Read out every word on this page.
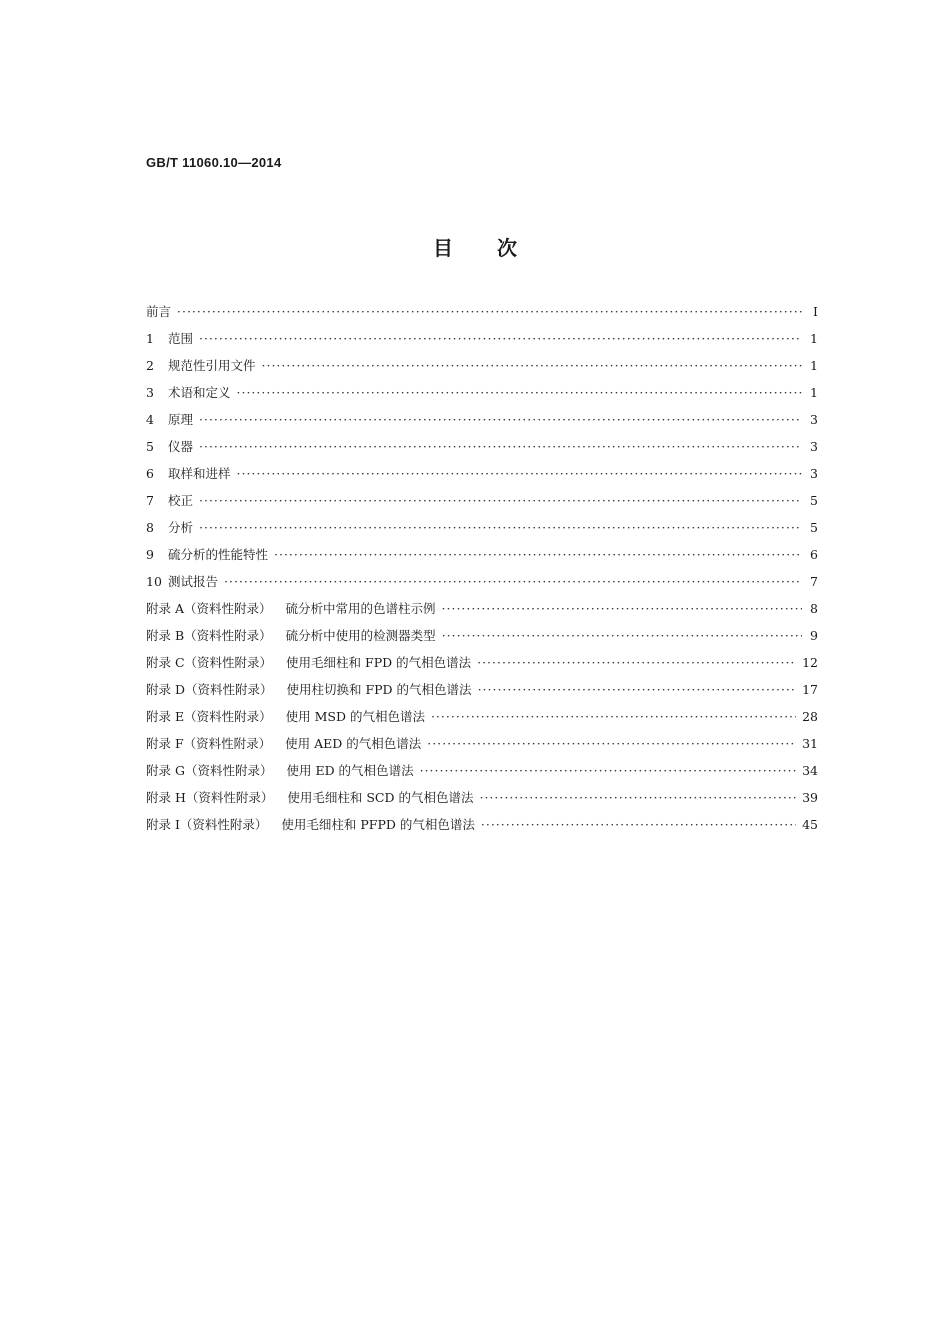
GB/T 11060.10—2014
目 次
前言 ·····	Ⅰ
1	范围 ·····	1
2	规范性引用文件 ·····	1
3	术语和定义 ·····	1
4	原理 ·····	3
5	仪器 ·····	3
6	取样和进样 ·····	3
7	校正 ·····	5
8	分析 ·····	5
9	硫分析的性能特性 ·····	6
10 测试报告 ·····	7
附录 A（资料性附录） 硫分析中常用的色谱柱示例 ·····	8
附录 B（资料性附录） 硫分析中使用的检测器类型 ·····	9
附录 C（资料性附录） 使用毛细柱和 FPD 的气相色谱法 ·····	12
附录 D（资料性附录） 使用柱切换和 FPD 的气相色谱法 ·····	17
附录 E（资料性附录） 使用 MSD 的气相色谱法 ·····	28
附录 F（资料性附录） 使用 AED 的气相色谱法 ·····	31
附录 G（资料性附录） 使用 ED 的气相色谱法 ·····	34
附录 H（资料性附录） 使用毛细柱和 SCD 的气相色谱法 ·····	39
附录 I（资料性附录） 使用毛细柱和 PFPD 的气相色谱法 ·····	45
